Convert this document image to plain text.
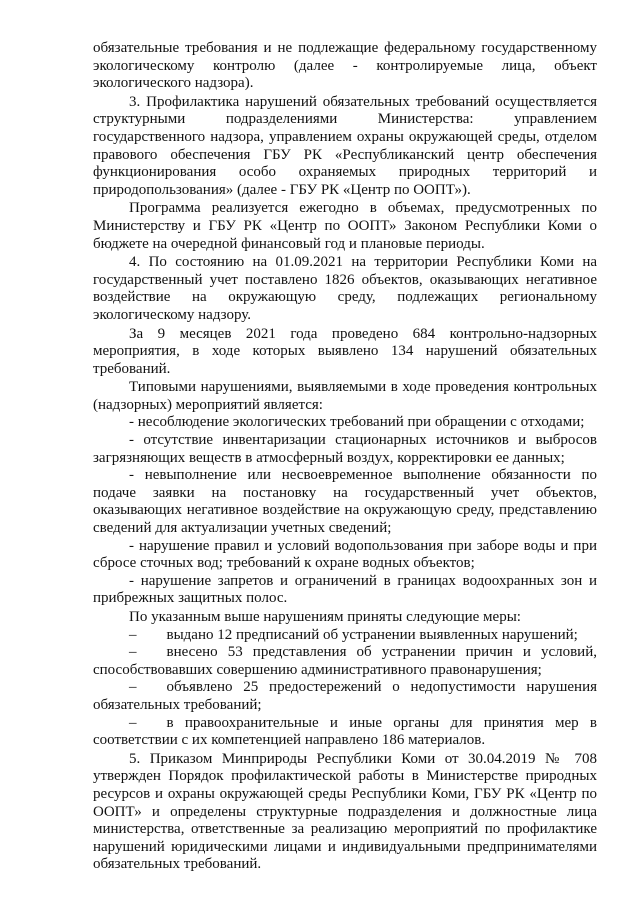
обязательные требования и не подлежащие федеральному государственному экологическому контролю (далее - контролируемые лица, объект экологического надзора).

3. Профилактика нарушений обязательных требований осуществляется структурными подразделениями Министерства: управлением государственного надзора, управлением охраны окружающей среды, отделом правового обеспечения ГБУ РК «Республиканский центр обеспечения функционирования особо охраняемых природных территорий и природопользования» (далее - ГБУ РК «Центр по ООПТ»).

Программа реализуется ежегодно в объемах, предусмотренных по Министерству и ГБУ РК «Центр по ООПТ» Законом Республики Коми о бюджете на очередной финансовый год и плановые периоды.

4. По состоянию на 01.09.2021 на территории Республики Коми на государственный учет поставлено 1826 объектов, оказывающих негативное воздействие на окружающую среду, подлежащих региональному экологическому надзору.

За 9 месяцев 2021 года проведено 684 контрольно-надзорных мероприятия, в ходе которых выявлено 134 нарушений обязательных требований.

Типовыми нарушениями, выявляемыми в ходе проведения контрольных (надзорных) мероприятий является:

- несоблюдение экологических требований при обращении с отходами;

- отсутствие инвентаризации стационарных источников и выбросов загрязняющих веществ в атмосферный воздух, корректировки ее данных;

- невыполнение или несвоевременное выполнение обязанности по подаче заявки на постановку на государственный учет объектов, оказывающих негативное воздействие на окружающую среду, представлению сведений для актуализации учетных сведений;

- нарушение правил и условий водопользования при заборе воды и при сбросе сточных вод; требований к охране водных объектов;

- нарушение запретов и ограничений в границах водоохранных зон и прибрежных защитных полос.

По указанным выше нарушениям приняты следующие меры:

– выдано 12 предписаний об устранении выявленных нарушений;

– внесено 53 представления об устранении причин и условий, способствовавших совершению административного правонарушения;

– объявлено 25 предостережений о недопустимости нарушения обязательных требований;

– в правоохранительные и иные органы для принятия мер в соответствии с их компетенцией направлено 186 материалов.

5. Приказом Минприроды Республики Коми от 30.04.2019 № 708 утвержден Порядок профилактической работы в Министерстве природных ресурсов и охраны окружающей среды Республики Коми, ГБУ РК «Центр по ООПТ» и определены структурные подразделения и должностные лица министерства, ответственные за реализацию мероприятий по профилактике нарушений юридическими лицами и индивидуальными предпринимателями обязательных требований.
